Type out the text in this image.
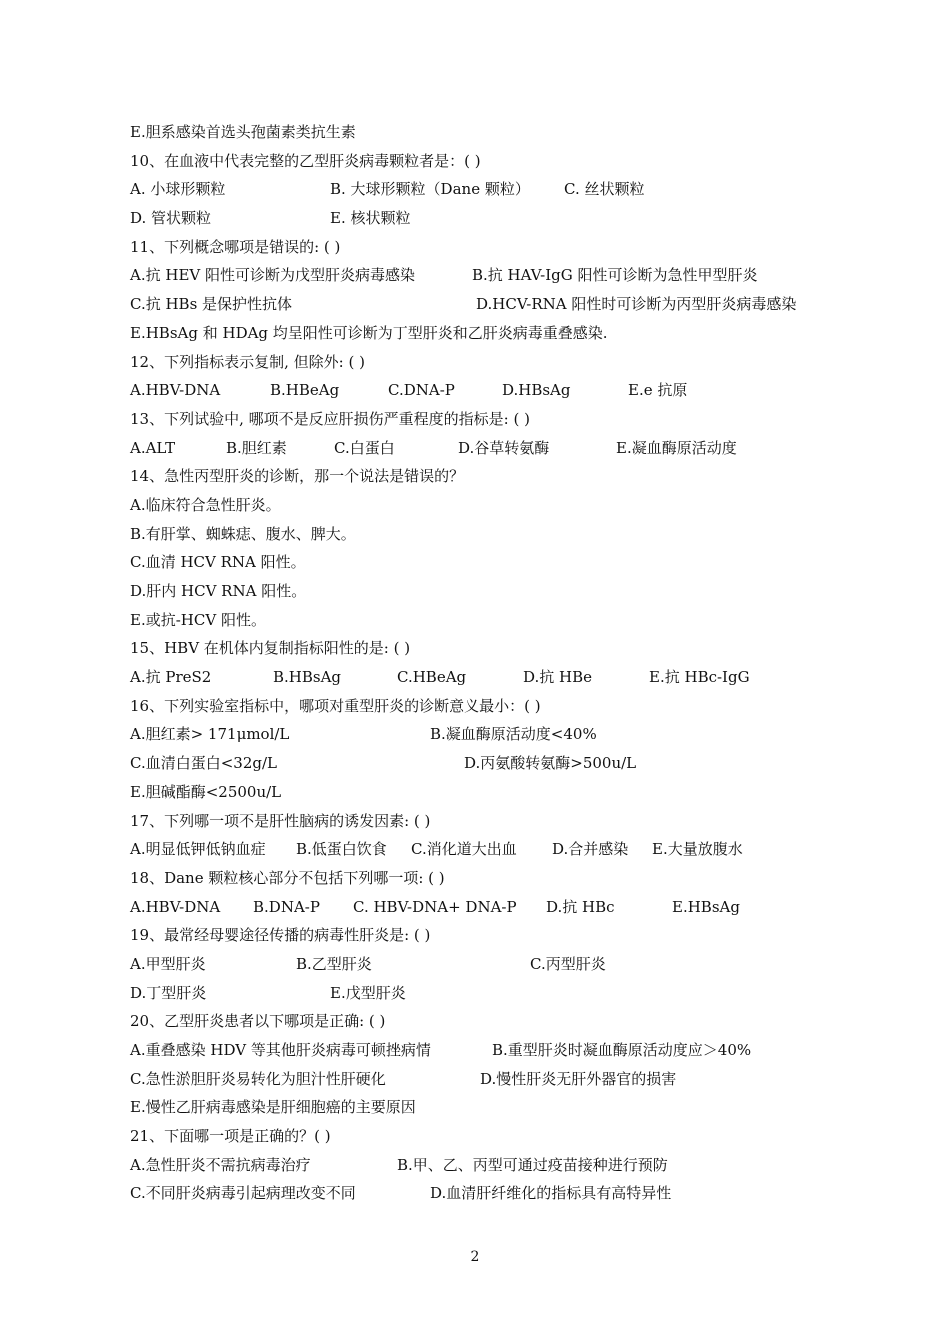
E.胆系感染首选头孢菌素类抗生素
10、在血液中代表完整的乙型肝炎病毒颗粒者是：( )
A. 小球形颗粒	B. 大球形颗粒（Dane 颗粒） C. 丝状颗粒
D. 管状颗粒	E. 核状颗粒
11、下列概念哪项是错误的: ( )
A.抗 HEV 阳性可诊断为戊型肝炎病毒感染	B.抗 HAV-IgG 阳性可诊断为急性甲型肝炎
C.抗 HBs 是保护性抗体	D.HCV-RNA 阳性时可诊断为丙型肝炎病毒感染
E.HBsAg 和 HDAg 均呈阳性可诊断为丁型肝炎和乙肝炎病毒重叠感染.
12、下列指标表示复制, 但除外: ( )
A.HBV-DNA	B.HBeAg	C.DNA-P	D.HBsAg	E.e 抗原
13、下列试验中, 哪项不是反应肝损伤严重程度的指标是: ( )
A.ALT	B.胆红素	C.白蛋白	D.谷草转氨酶	E.凝血酶原活动度
14、急性丙型肝炎的诊断，那一个说法是错误的？
A.临床符合急性肝炎。
B.有肝掌、蜘蛛痣、腹水、脾大。
C.血清 HCV RNA 阳性。
D.肝内 HCV RNA 阳性。
E.或抗-HCV 阳性。
15、HBV 在机体内复制指标阳性的是: ( )
A.抗 PreS2	B.HBsAg	C.HBeAg	D.抗 HBe	E.抗 HBc-IgG
16、下列实验室指标中，哪项对重型肝炎的诊断意义最小：( )
A.胆红素> 171μmol/L	B.凝血酶原活动度<40%
C.血清白蛋白<32g/L	D.丙氨酸转氨酶>500u/L
E.胆碱酯酶<2500u/L
17、下列哪一项不是肝性脑病的诱发因素: ( )
A.明显低钾低钠血症 B.低蛋白饮食 C.消化道大出血 D.合并感染 E.大量放腹水
18、Dane 颗粒核心部分不包括下列哪一项: ( )
A.HBV-DNA B.DNA-P C. HBV-DNA+ DNA-P D.抗 HBc	E.HBsAg
19、最常经母婴途径传播的病毒性肝炎是: ( )
A.甲型肝炎	B.乙型肝炎	C.丙型肝炎
D.丁型肝炎	E.戊型肝炎
20、乙型肝炎患者以下哪项是正确: ( )
A.重叠感染 HDV 等其他肝炎病毒可顿挫病情	B.重型肝炎时凝血酶原活动度应＞40%
C.急性淤胆肝炎易转化为胆汁性肝硬化	D.慢性肝炎无肝外器官的损害
E.慢性乙肝病毒感染是肝细胞癌的主要原因
21、下面哪一项是正确的？( )
A.急性肝炎不需抗病毒治疗	B.甲、乙、丙型可通过疫苗接种进行预防
C.不同肝炎病毒引起病理改变不同	D.血清肝纤维化的指标具有高特异性
2
